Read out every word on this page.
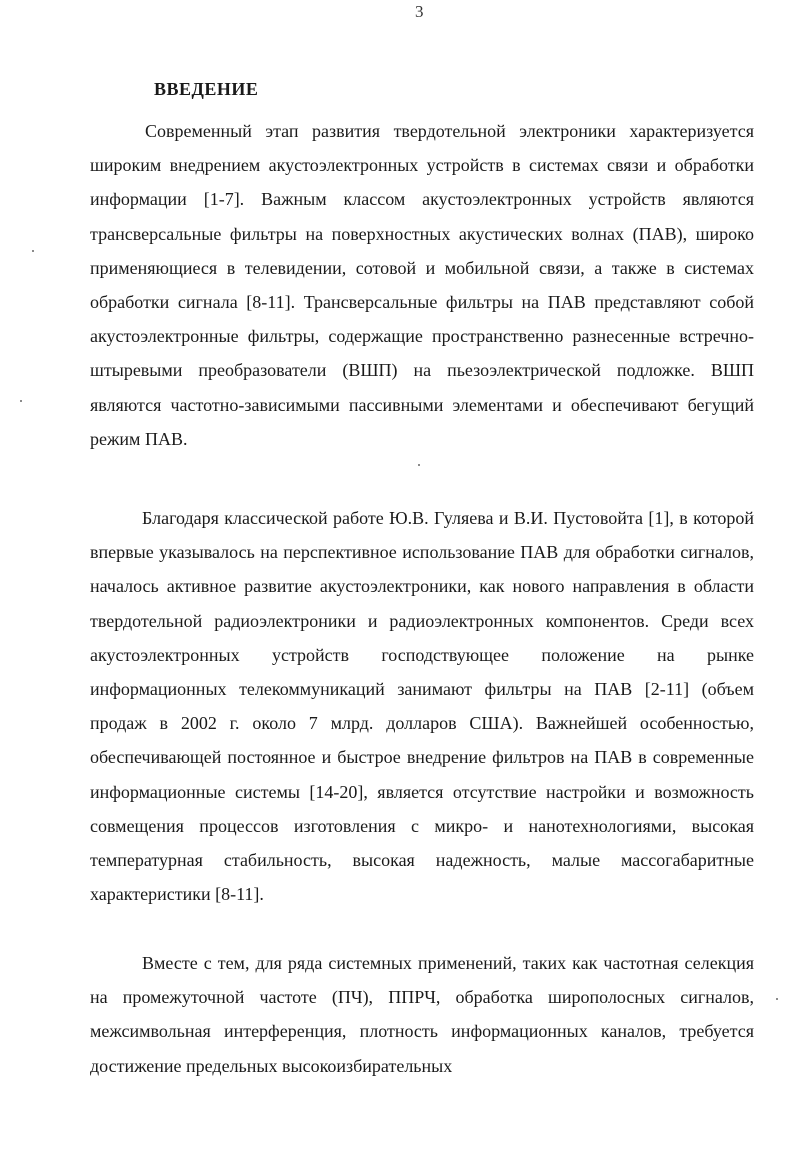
3
ВВЕДЕНИЕ

Современный этап развития твердотельной электроники характеризуется широким внедрением акустоэлектронных устройств в системах связи и обработки информации [1-7]. Важным классом акустоэлектронных устройств являются трансверсальные фильтры на поверхностных акустических волнах (ПАВ), широко применяющиеся в телевидении, сотовой и мобильной связи, а также в системах обработки сигнала [8-11]. Трансверсальные фильтры на ПАВ представляют собой акустоэлектронные фильтры, содержащие пространственно разнесенные встречно-штыревыми преобразователи (ВШП) на пьезоэлектрической подложке. ВШП являются частотно-зависимыми пассивными элементами и обеспечивают бегущий режим ПАВ.

Благодаря классической работе Ю.В. Гуляева и В.И. Пустовойта [1], в которой впервые указывалось на перспективное использование ПАВ для обработки сигналов, началось активное развитие акустоэлектроники, как нового направления в области твердотельной радиоэлектроники и радиоэлектронных компонентов. Среди всех акустоэлектронных устройств господствующее положение на рынке информационных телекоммуникаций занимают фильтры на ПАВ [2-11] (объем продаж в 2002 г. около 7 млрд. долларов США). Важнейшей особенностью, обеспечивающей постоянное и быстрое внедрение фильтров на ПАВ в современные информационные системы [14-20], является отсутствие настройки и возможность совмещения процессов изготовления с микро- и нанотехнологиями, высокая температурная стабильность, высокая надежность, малые массогабаритные характеристики [8-11].

Вместе с тем, для ряда системных применений, таких как частотная селекция на промежуточной частоте (ПЧ), ППРЧ, обработка широполосных сигналов, межсимвольная интерференция, плотность информационных каналов, требуется достижение предельных высокоизбирательных
